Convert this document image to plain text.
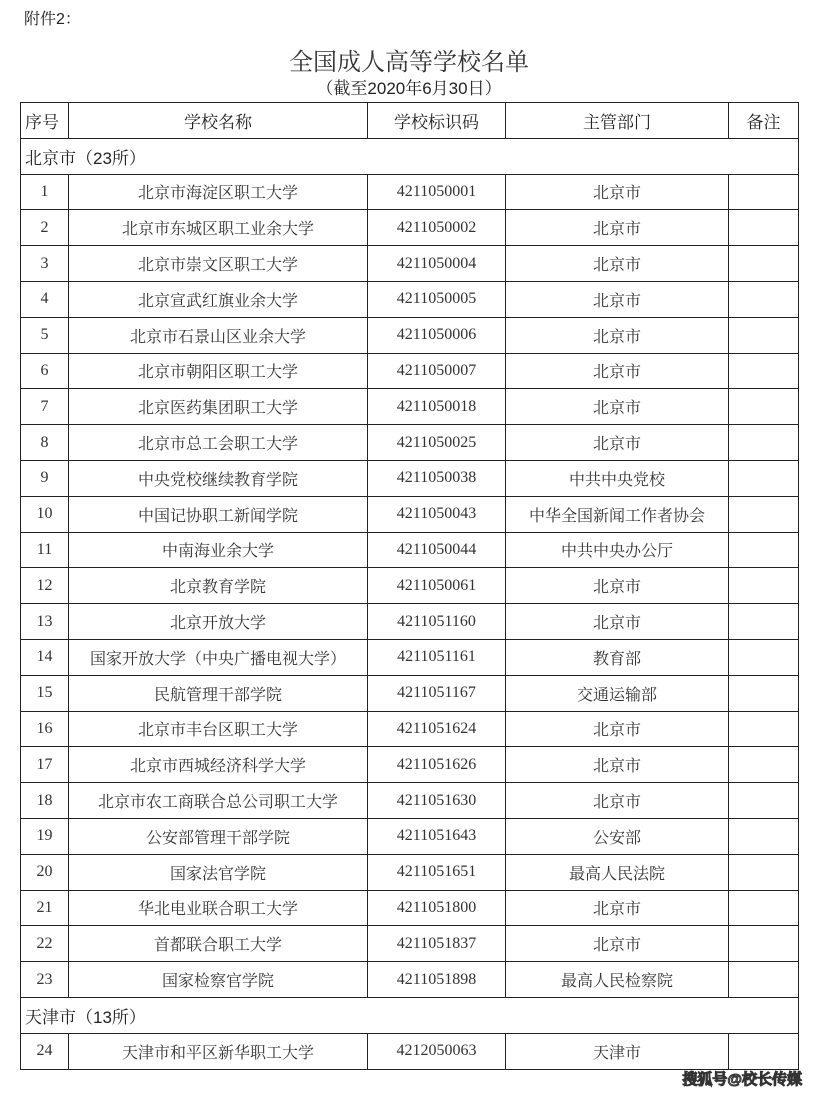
附件2：
全国成人高等学校名单
（截至2020年6月30日）
序号	学校名称	学校标识码	主管部门	备注
北京市（23所）				
1	北京市海淀区职工大学	4211050001	北京市	
2	北京市东城区职工业余大学	4211050002	北京市	
3	北京市崇文区职工大学	4211050004	北京市	
4	北京宣武红旗业余大学	4211050005	北京市	
5	北京市石景山区业余大学	4211050006	北京市	
6	北京市朝阳区职工大学	4211050007	北京市	
7	北京医药集团职工大学	4211050018	北京市	
8	北京市总工会职工大学	4211050025	北京市	
9	中央党校继续教育学院	4211050038	中共中央党校	
10	中国记协职工新闻学院	4211050043	中华全国新闻工作者协会	
11	中南海业余大学	4211050044	中共中央办公厅	
12	北京教育学院	4211050061	北京市	
13	北京开放大学	4211051160	北京市	
14	国家开放大学（中央广播电视大学）	4211051161	教育部	
15	民航管理干部学院	4211051167	交通运输部	
16	北京市丰台区职工大学	4211051624	北京市	
17	北京市西城经济科学大学	4211051626	北京市	
18	北京市农工商联合总公司职工大学	4211051630	北京市	
19	公安部管理干部学院	4211051643	公安部	
20	国家法官学院	4211051651	最高人民法院	
21	华北电业联合职工大学	4211051800	北京市	
22	首都联合职工大学	4211051837	北京市	
23	国家检察官学院	4211051898	最高人民检察院	
天津市（13所）				
24	天津市和平区新华职工大学	4212050063	天津市	
搜狐号@校长传媒
